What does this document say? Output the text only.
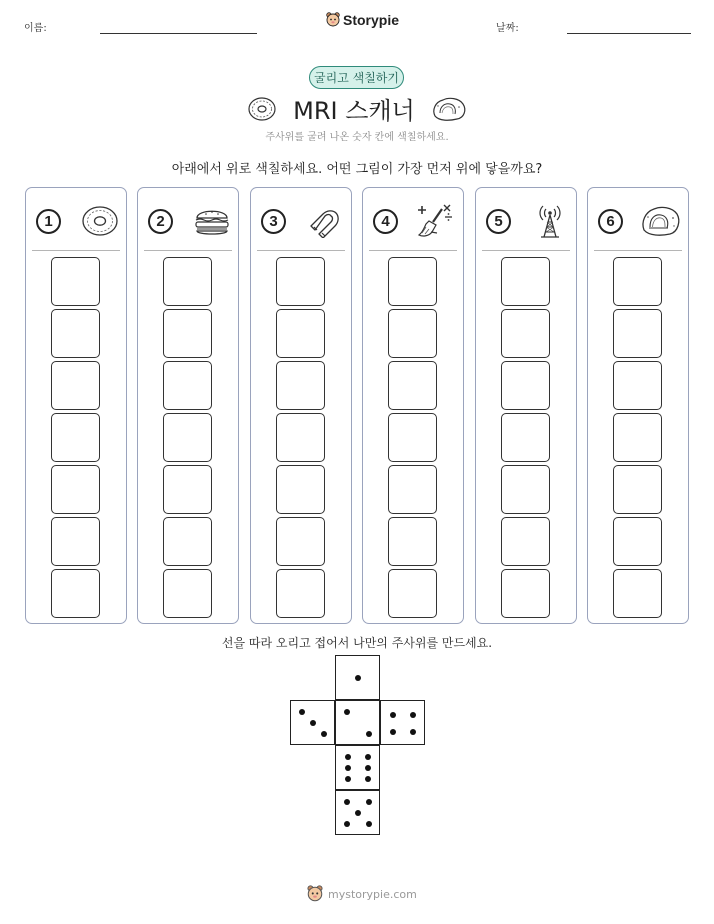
이름:
Storypie
날짜:
굴리고 색칠하기
MRI 스캐너
주사위를 굴려 나온 숫자 칸에 색칠하세요.
아래에서 위로 색칠하세요. 어떤 그림이 가장 먼저 위에 닿을까요?
1	2	3	4	5	6
선을 따라 오리고 접어서 나만의 주사위를 만드세요.
mystorypie.com
